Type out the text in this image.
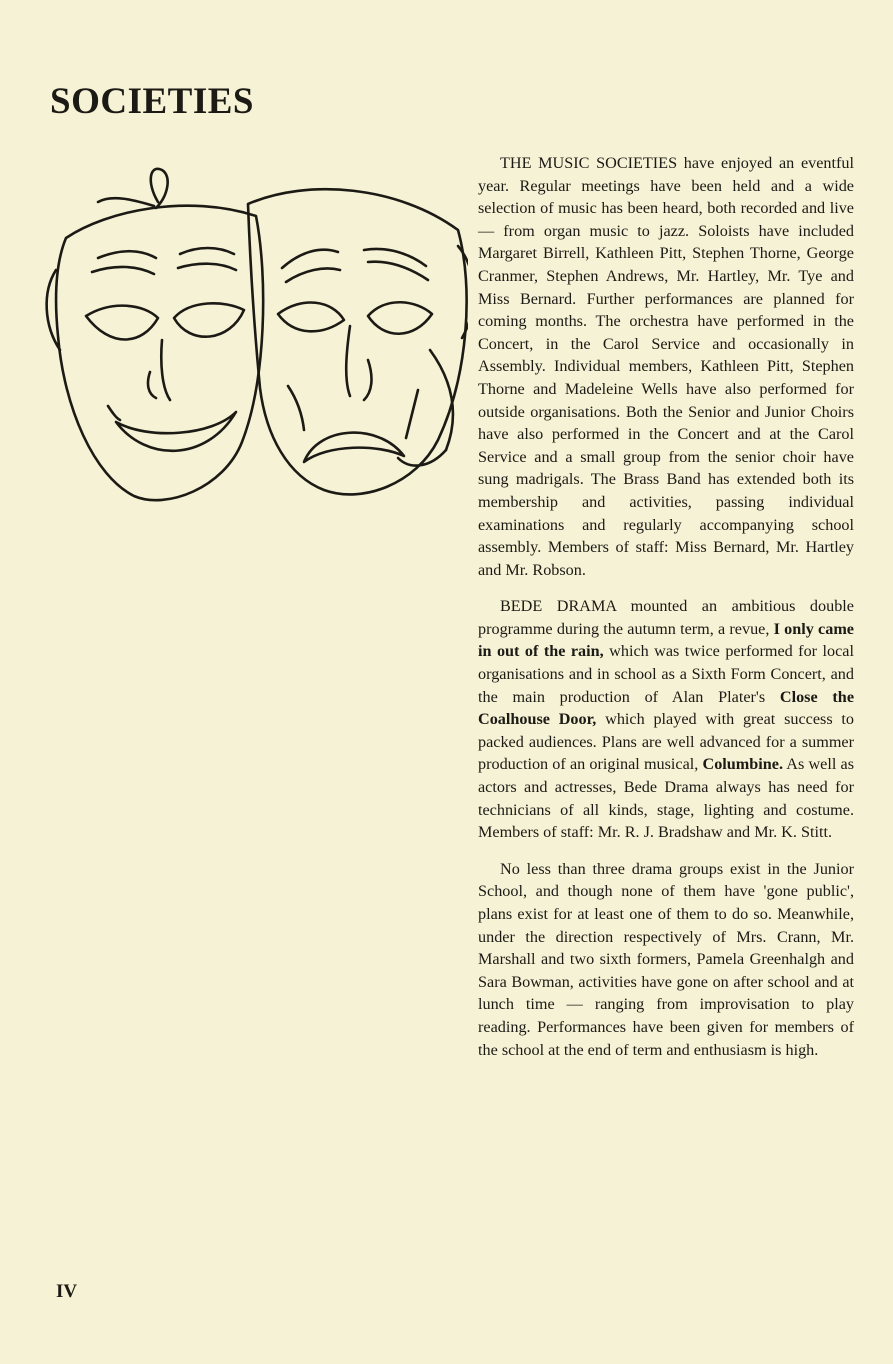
SOCIETIES

THE MUSIC SOCIETIES have enjoyed an eventful year. Regular meetings have been held and a wide selection of music has been heard, both recorded and live — from organ music to jazz. Soloists have included Margaret Birrell, Kathleen Pitt, Stephen Thorne, George Cranmer, Stephen Andrews, Mr. Hartley, Mr. Tye and Miss Bernard. Further performances are planned for coming months. The orchestra have performed in the Concert, in the Carol Service and occasionally in Assembly. Individual members, Kathleen Pitt, Stephen Thorne and Madeleine Wells have also performed for outside organisations. Both the Senior and Junior Choirs have also performed in the Concert and at the Carol Service and a small group from the senior choir have sung madrigals. The Brass Band has extended both its membership and activities, passing individual examinations and regularly accompanying school assembly. Members of staff: Miss Bernard, Mr. Hartley and Mr. Robson.

BEDE DRAMA mounted an ambitious double programme during the autumn term, a revue, I only came in out of the rain, which was twice performed for local organisations and in school as a Sixth Form Concert, and the main production of Alan Plater's Close the Coalhouse Door, which played with great success to packed audiences. Plans are well advanced for a summer production of an original musical, Columbine. As well as actors and actresses, Bede Drama always has need for technicians of all kinds, stage, lighting and costume. Members of staff: Mr. R. J. Bradshaw and Mr. K. Stitt.

No less than three drama groups exist in the Junior School, and though none of them have 'gone public', plans exist for at least one of them to do so. Meanwhile, under the direction respectively of Mrs. Crann, Mr. Marshall and two sixth formers, Pamela Greenhalgh and Sara Bowman, activities have gone on after school and at lunch time — ranging from improvisation to play reading. Performances have been given for members of the school at the end of term and enthusiasm is high.

IV
